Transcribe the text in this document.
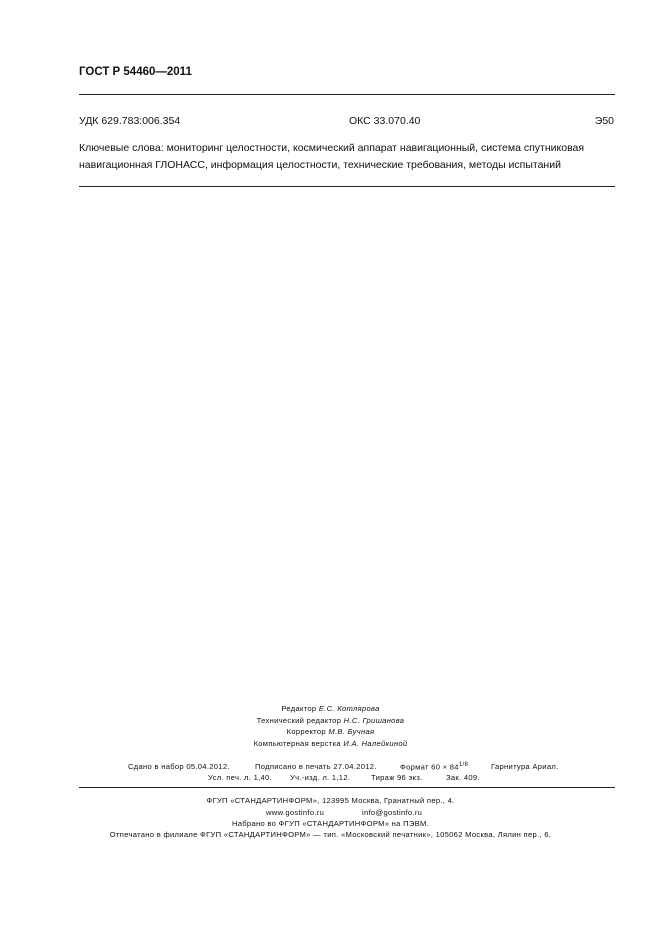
ГОСТ Р 54460—2011
УДК 629.783:006.354	ОКС 33.070.40	Э50
Ключевые слова: мониторинг целостности, космический аппарат навигационный, система спутниковая навигационная ГЛОНАСС, информация целостности, технические требования, методы испытаний
Редактор Е.С. Котлярова
Технический редактор Н.С. Гришанова
Корректор М.В. Бучная
Компьютерная верстка И.А. Налейкиной
Сдано в набор 05.04.2012.	Подписано в печать 27.04.2012.	Формат $60 \times 84^{1/8}$	Гарнитура Ариал.
Усл. печ. л. 1,40. Уч.-изд. л. 1,12.	Тираж 96 экз.	Зак. 409.
ФГУП «СТАНДАРТИНФОРМ», 123995 Москва, Гранатный пер., 4.
www.gostinfo.ru	info@gostinfo.ru
Набрано во ФГУП «СТАНДАРТИНФОРМ» на ПЭВМ.
Отпечатано в филиале ФГУП «СТАНДАРТИНФОРМ» — тип. «Московский печатник», 105062 Москва, Лялин пер., 6.
